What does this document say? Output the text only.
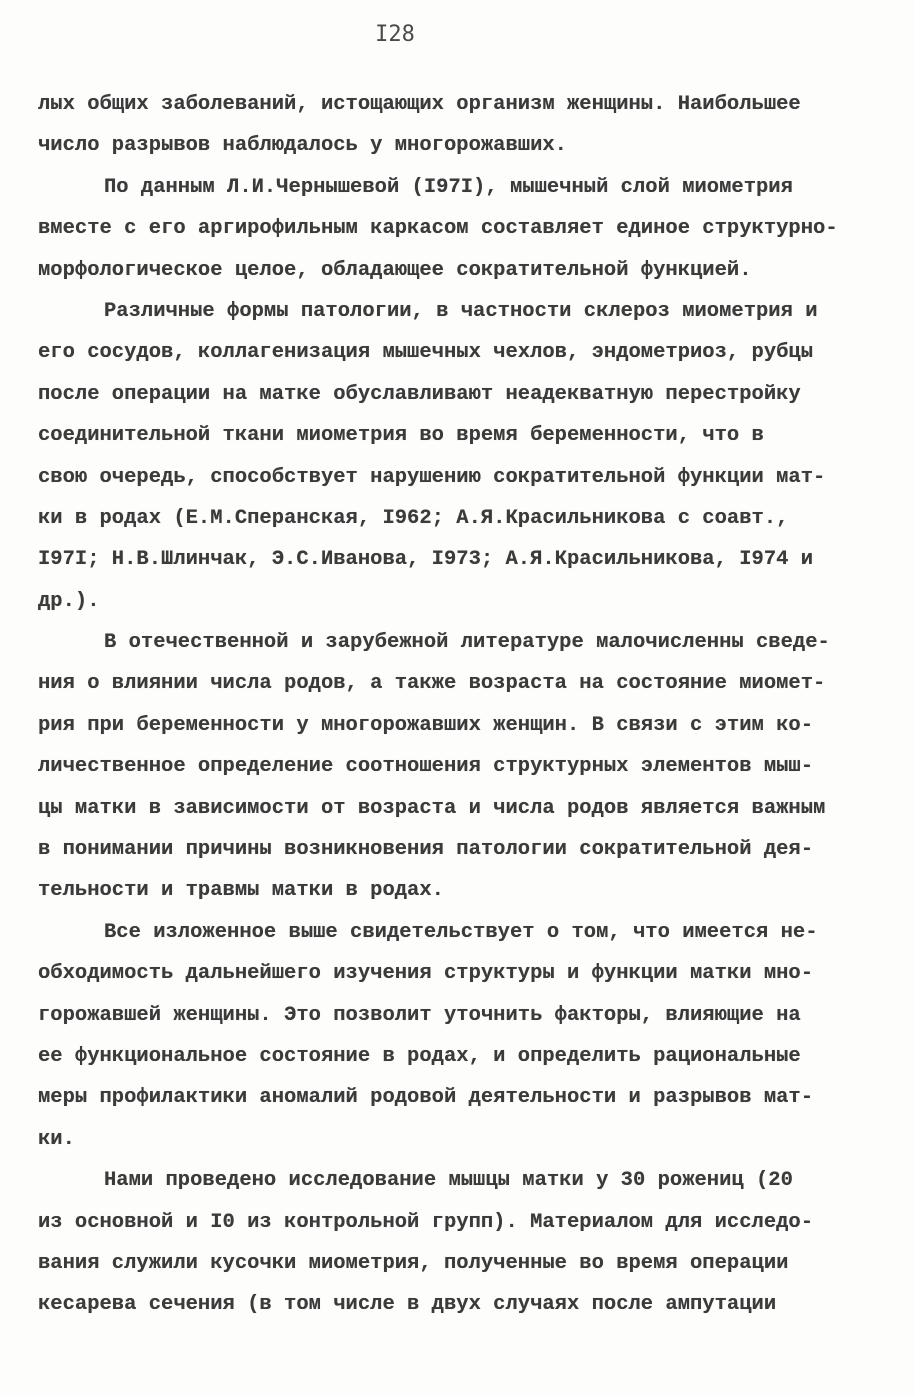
I28
лых общих заболеваний, истощающих организм женщины. Наибольшее
число разрывов наблюдалось у многорожавших.
По данным Л.И.Чернышевой (I97I), мышечный слой миометрия
вместе с его аргирофильным каркасом составляет единое структурно-
морфологическое целое, обладающее сократительной функцией.
Различные формы патологии, в частности склероз миометрия и
его сосудов, коллагенизация мышечных чехлов, эндометриоз, рубцы
после операции на матке обуславливают неадекватную перестройку
соединительной ткани миометрия во время беременности, что в
свою очередь, способствует нарушению сократительной функции мат-
ки в родах (Е.М.Сперанская, I962; А.Я.Красильникова с соавт.,
I97I; Н.В.Шлинчак, Э.С.Иванова, I973; А.Я.Красильникова, I974 и
др.).
В отечественной и зарубежной литературе малочисленны сведе-
ния о влиянии числа родов, а также возраста на состояние миомет-
рия при беременности у многорожавших женщин. В связи с этим ко-
личественное определение соотношения структурных элементов мыш-
цы матки в зависимости от возраста и числа родов является важным
в понимании причины возникновения патологии сократительной дея-
тельности и травмы матки в родах.
Все изложенное выше свидетельствует о том, что имеется не-
обходимость дальнейшего изучения структуры и функции матки мно-
горожавшей женщины. Это позволит уточнить факторы, влияющие на
ее функциональное состояние в родах, и определить рациональные
меры профилактики аномалий родовой деятельности и разрывов мат-
ки.
Нами проведено исследование мышцы матки у 30 рожениц (20
из основной и I0 из контрольной групп). Материалом для исследо-
вания служили кусочки миометрия, полученные во время операции
кесарева сечения (в том числе в двух случаях после ампутации
